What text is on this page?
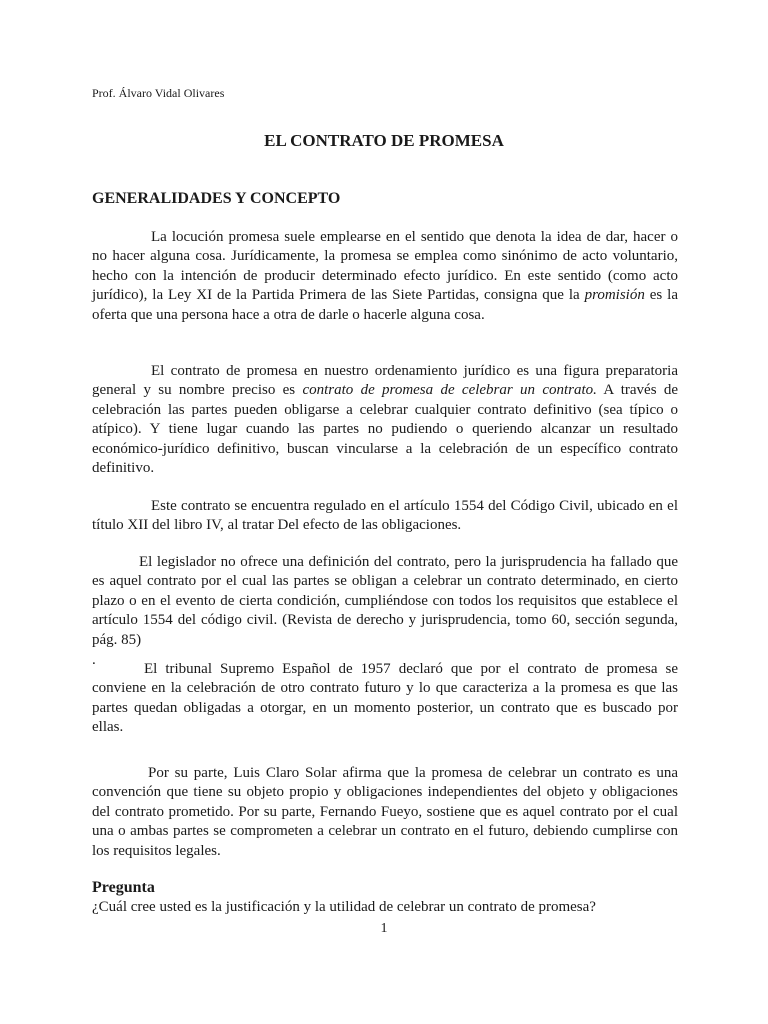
Prof. Álvaro Vidal Olivares

EL CONTRATO DE PROMESA
GENERALIDADES Y CONCEPTO

La locución promesa suele emplearse en el sentido que denota la idea de dar, hacer o no hacer alguna cosa. Jurídicamente, la promesa se emplea como sinónimo de acto voluntario, hecho con la intención de producir determinado efecto jurídico. En este sentido (como acto jurídico), la Ley XI de la Partida Primera de las Siete Partidas, consigna que la promisión es la oferta que una persona hace a otra de darle o hacerle alguna cosa.

El contrato de promesa en nuestro ordenamiento jurídico es una figura preparatoria general y su nombre preciso es contrato de promesa de celebrar un contrato. A través de celebración las partes pueden obligarse a celebrar cualquier contrato definitivo (sea típico o atípico). Y tiene lugar cuando las partes no pudiendo o queriendo alcanzar un resultado económico-jurídico definitivo, buscan vincularse a la celebración de un específico contrato definitivo.

Este contrato se encuentra regulado en el artículo 1554 del Código Civil, ubicado en el título XII del libro IV, al tratar Del efecto de las obligaciones.

El legislador no ofrece una definición del contrato, pero la jurisprudencia ha fallado que es aquel contrato por el cual las partes se obligan a celebrar un contrato determinado, en cierto plazo o en el evento de cierta condición, cumpliéndose con todos los requisitos que establece el artículo 1554 del código civil. (Revista de derecho y jurisprudencia, tomo 60, sección segunda, pág. 85)

.

El tribunal Supremo Español de 1957 declaró que por el contrato de promesa se conviene en la celebración de otro contrato futuro y lo que caracteriza a la promesa es que las partes quedan obligadas a otorgar, en un momento posterior, un contrato que es buscado por ellas.

Por su parte, Luis Claro Solar afirma que la promesa de celebrar un contrato es una convención que tiene su objeto propio y obligaciones independientes del objeto y obligaciones del contrato prometido. Por su parte, Fernando Fueyo, sostiene que es aquel contrato por el cual una o ambas partes se comprometen a celebrar un contrato en el futuro, debiendo cumplirse con los requisitos legales.

Pregunta

¿Cuál cree usted es la justificación y la utilidad de celebrar un contrato de promesa?

1
